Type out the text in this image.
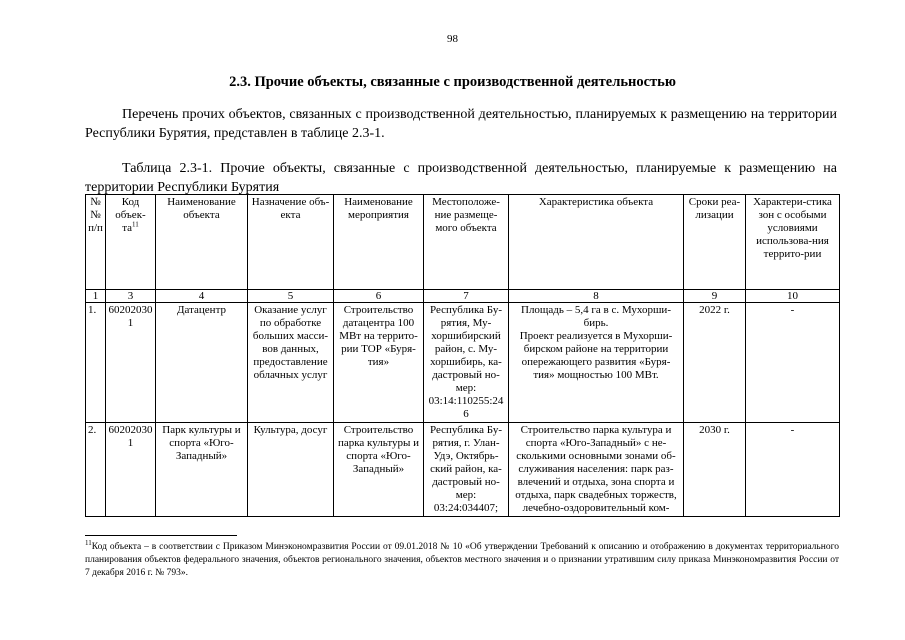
98
2.3. Прочие объекты, связанные с производственной деятельностью
Перечень прочих объектов, связанных с производственной деятельностью, планируемых к размещению на территории Республики Бурятия, представлен в таблице 2.3-1.
Таблица 2.3-1. Прочие объекты, связанные с производственной деятельностью, планируемые к размещению на территории Республики Бурятия
№ № п/п	Код объек-$та^{11}$	Наименование объекта	Назначение объ-екта	Наименование мероприятия	Местоположе-ние размеще-мого объекта	Характеристика объекта	Сроки реа-лизации	Характери-стика зон с особыми условиями использова-ния террито-рии
1	3	4	5	6	7	8	9	10
1.	602020301	Датацентр	Оказание услуг по обработке больших масси-вов данных, предоставление облачных услуг	Строительство датацентра 100 МВт на террито-рии ТОР «Буря-тия»	Республика Бу-рятия, Му-хоршибирский район, с. Му-хоршибирь, ка-дастровый но-мер: 03:14:110255:24 6	Площадь – 5,4 га в с. Мухорши-бирь.
Проект реализуется в Мухорши-бирском районе на территории опережающего развития «Буря-тия» мощностью 100 МВт.	2022 г.	-
2.	602020301	Парк культуры и спорта «Юго-Западный»	Культура, досуг	Строительство парка культуры и спорта «Юго-Западный»	Республика Бу-рятия, г. Улан-Удэ, Октябрь-ский район, ка-дастровый но-мер: 03:24:034407;	Строительство парка культура и спорта «Юго-Западный» с не-сколькими основными зонами об-служивания населения: парк раз-влечений и отдыха, зона спорта и отдыха, парк свадебных торжеств, лечебно-оздоровительный ком-	2030 г.	-
$^{11}$Код объекта – в соответствии с Приказом Минэкономразвития России от 09.01.2018 № 10 «Об утверждении Требований к описанию и отображению в документах территориального планирования объектов федерального значения, объектов регионального значения, объектов местного значения и о признании утратившим силу приказа Минэкономразвития России от 7 декабря 2016 г. № 793».
